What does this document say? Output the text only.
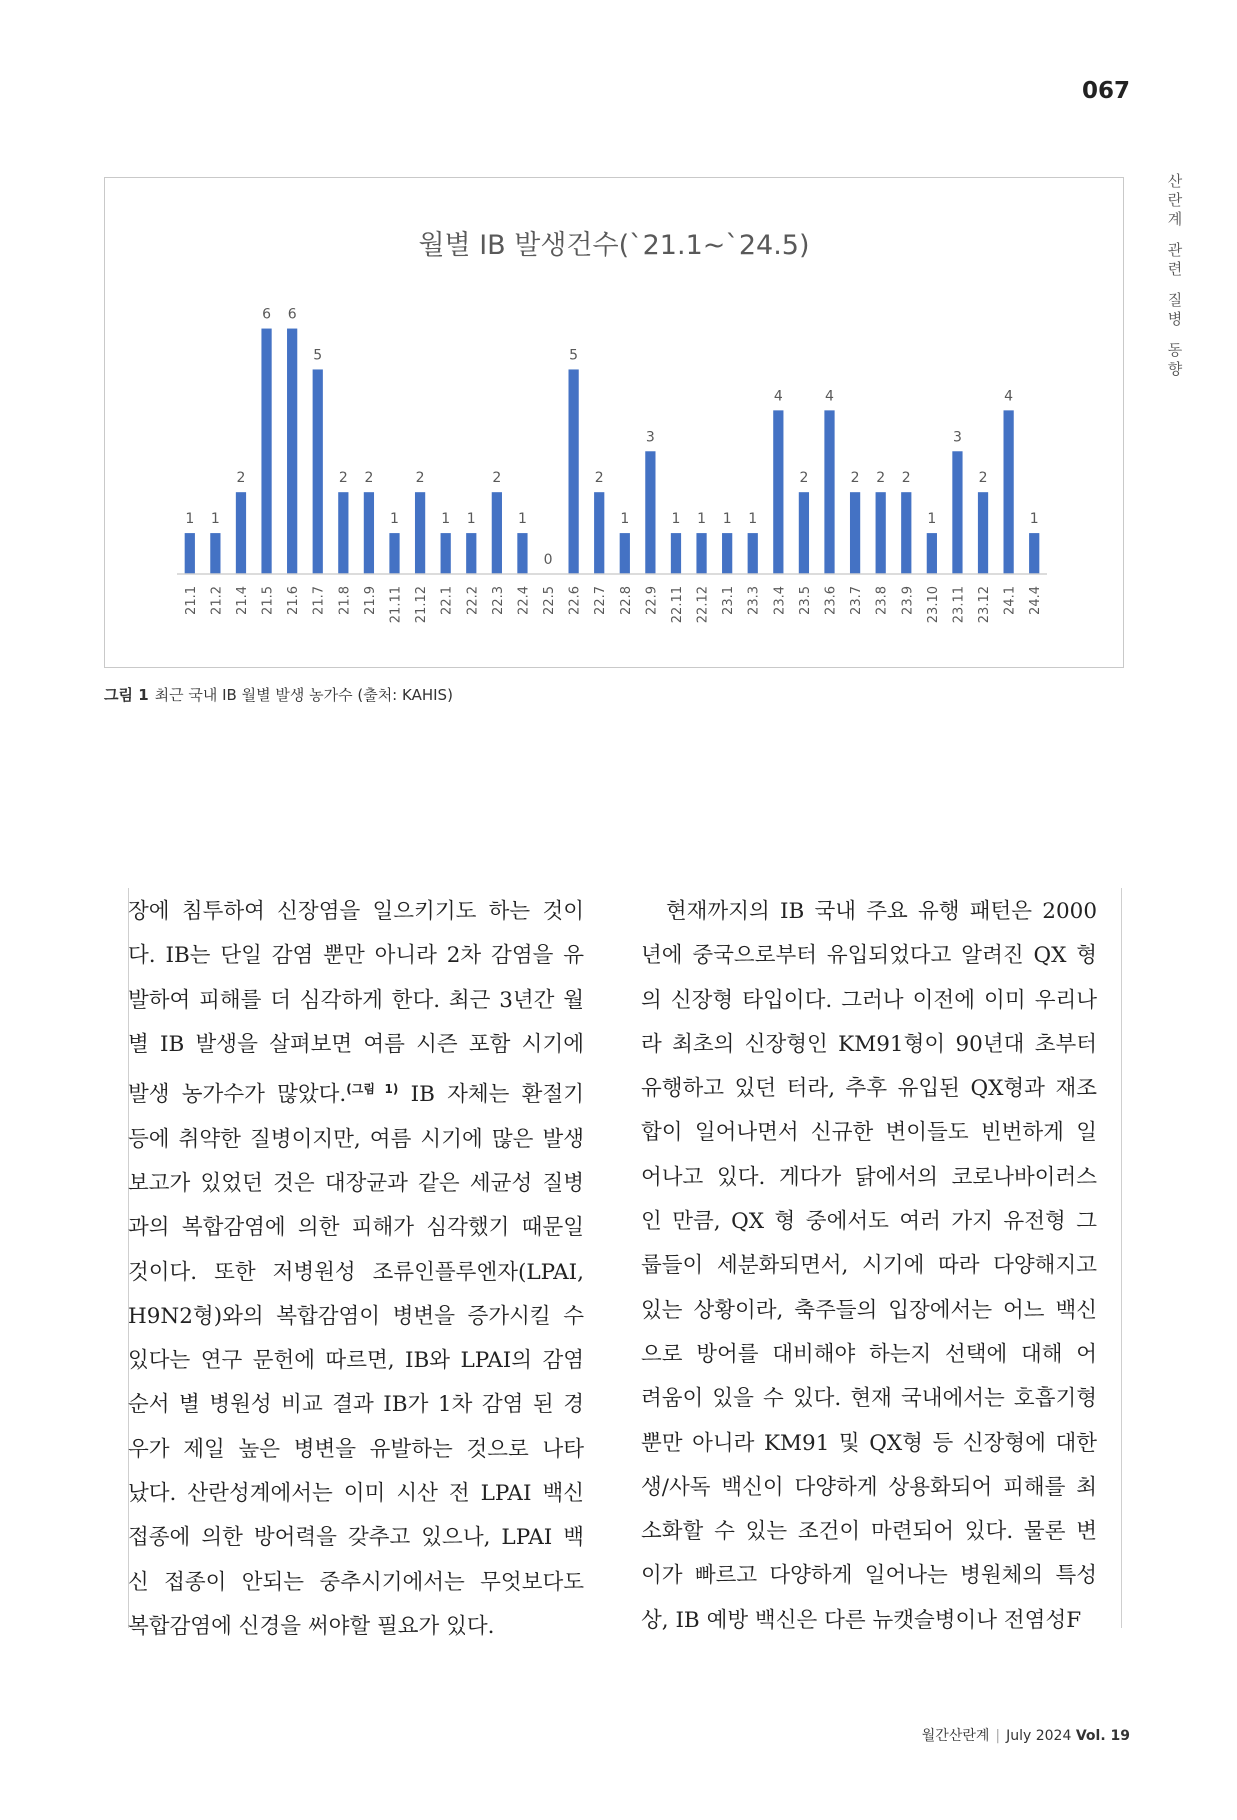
067
산
란
계
관
련
질
병
동
향
월별 IB 발생건수(`21.1~`24.5)
1 1
2
6 6
5
2 2
1
2
1 1
2
1
0
5
2
1
3
1 1 1 1
4
2
4
2 2 2
1
3
2
4
1
21.1 21.2 21.4 21.5 21.6 21.7 21.8 21.9 21.11 21.12 22.1 22.2 22.3 22.4 22.5 22.6 22.7 22.8 22.9 22.11 22.12 23.1 23.3 23.4 23.5 23.6 23.7 23.8 23.9 23.10 23.11 23.12 24.1 24.4
그림 1 최근 국내 IB 월별 발생 농가수 (출처: KAHIS)
장에 침투하여 신장염을 일으키기도 하는 것이
다. IB는 단일 감염 뿐만 아니라 2차 감염을 유
발하여 피해를 더 심각하게 한다. 최근 3년간 월
별 IB 발생을 살펴보면 여름 시즌 포함 시기에
발생 농가수가 많았다.$^{(그림 1)}$ IB 자체는 환절기
등에 취약한 질병이지만, 여름 시기에 많은 발생
보고가 있었던 것은 대장균과 같은 세균성 질병
과의 복합감염에 의한 피해가 심각했기 때문일
것이다. 또한 저병원성 조류인플루엔자(LPAI,
H9N2형)와의 복합감염이 병변을 증가시킬 수
있다는 연구 문헌에 따르면, IB와 LPAI의 감염
순서 별 병원성 비교 결과 IB가 1차 감염 된 경
우가 제일 높은 병변을 유발하는 것으로 나타
났다. 산란성계에서는 이미 시산 전 LPAI 백신
접종에 의한 방어력을 갖추고 있으나, LPAI 백
신 접종이 안되는 중추시기에서는 무엇보다도
복합감염에 신경을 써야할 필요가 있다.
　현재까지의 IB 국내 주요 유행 패턴은 2000
년에 중국으로부터 유입되었다고 알려진 QX 형
의 신장형 타입이다. 그러나 이전에 이미 우리나
라 최초의 신장형인 KM91형이 90년대 초부터
유행하고 있던 터라, 추후 유입된 QX형과 재조
합이 일어나면서 신규한 변이들도 빈번하게 일
어나고 있다. 게다가 닭에서의 코로나바이러스
인 만큼, QX 형 중에서도 여러 가지 유전형 그
룹들이 세분화되면서, 시기에 따라 다양해지고
있는 상황이라, 축주들의 입장에서는 어느 백신
으로 방어를 대비해야 하는지 선택에 대해 어
려움이 있을 수 있다. 현재 국내에서는 호흡기형
뿐만 아니라 KM91 및 QX형 등 신장형에 대한
생/사독 백신이 다양하게 상용화되어 피해를 최
소화할 수 있는 조건이 마련되어 있다. 물론 변
이가 빠르고 다양하게 일어나는 병원체의 특성
상, IB 예방 백신은 다른 뉴캣슬병이나 전염성F
월간산란계 | July 2024 Vol. 19
